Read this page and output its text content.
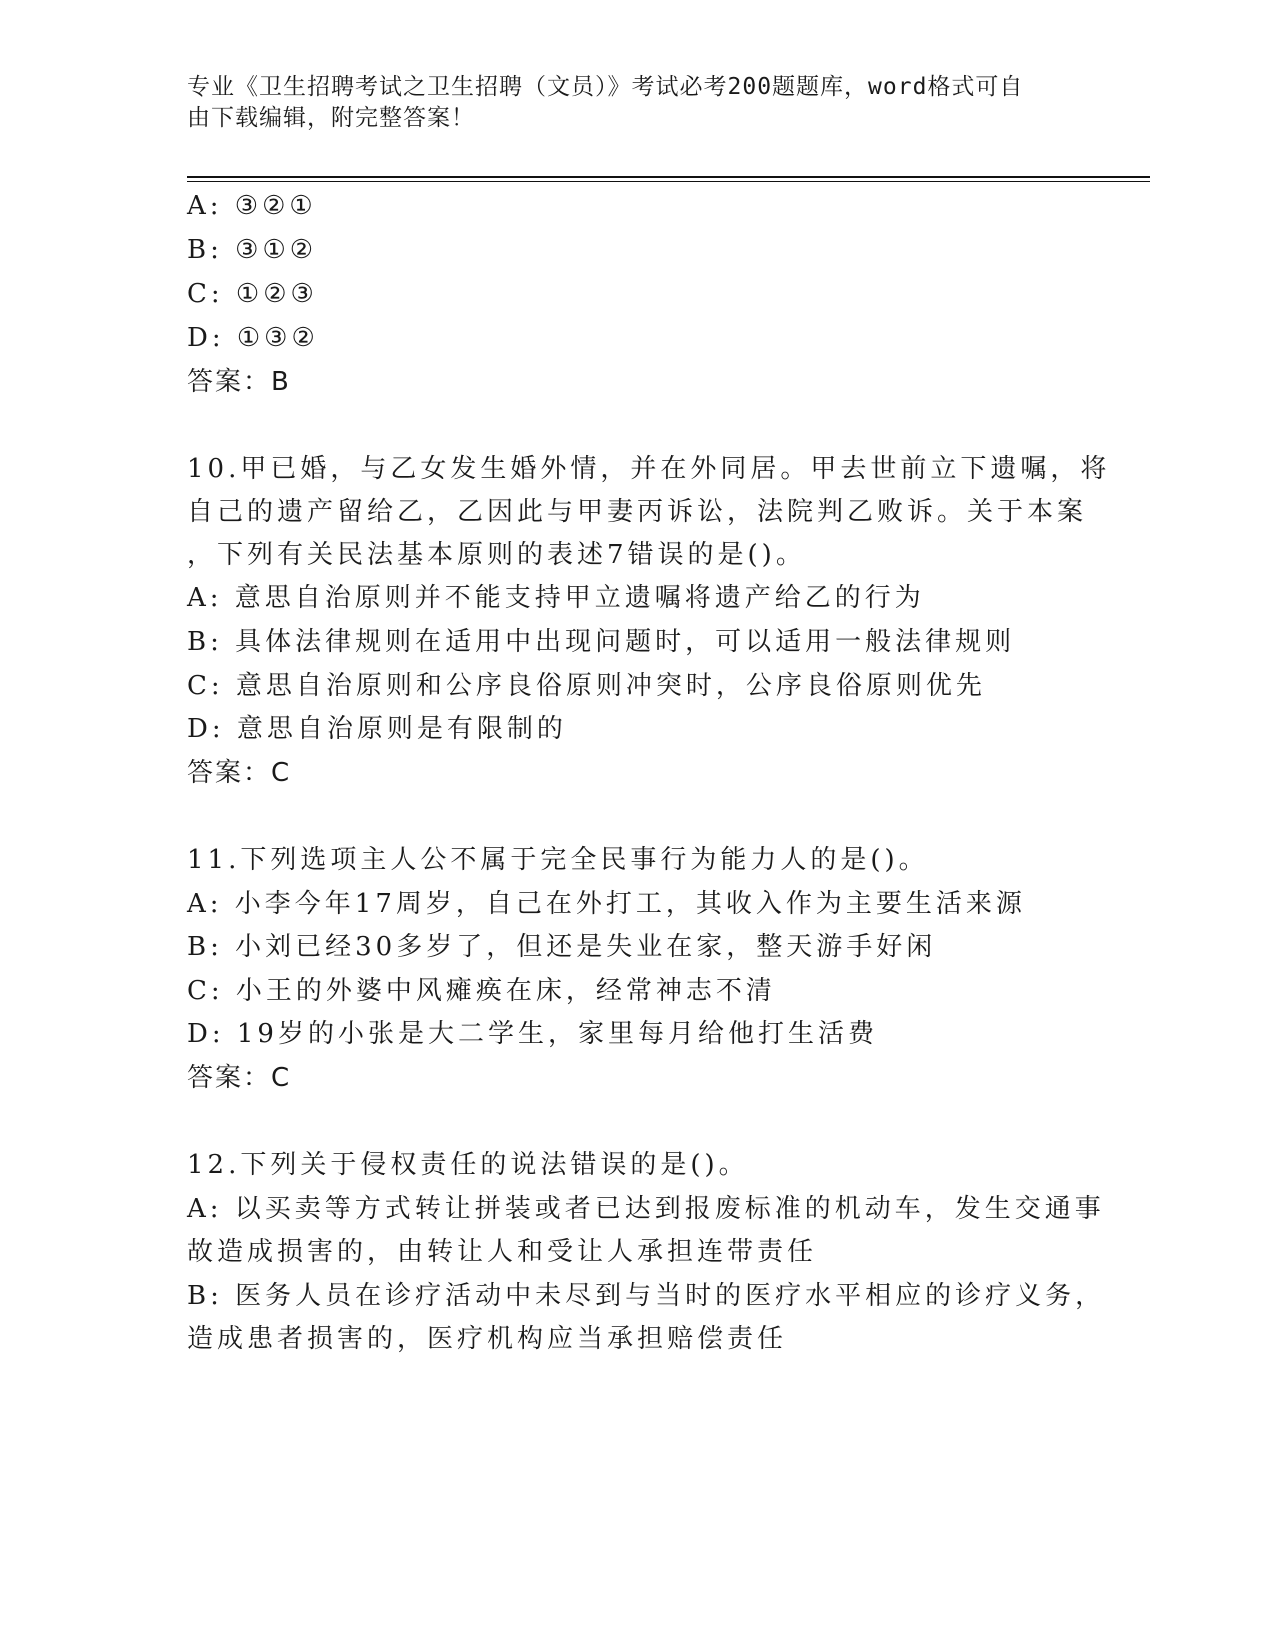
专业《卫生招聘考试之卫生招聘（文员）》考试必考200题题库，word格式可自
由下载编辑，附完整答案！
A: ③②①
B: ③①②
C: ①②③
D: ①③②
答案：B
10.甲已婚，与乙女发生婚外情，并在外同居。甲去世前立下遗嘱，将
自己的遗产留给乙，乙因此与甲妻丙诉讼，法院判乙败诉。关于本案
，下列有关民法基本原则的表述7错误的是()。
A: 意思自治原则并不能支持甲立遗嘱将遗产给乙的行为
B: 具体法律规则在适用中出现问题时，可以适用一般法律规则
C: 意思自治原则和公序良俗原则冲突时，公序良俗原则优先
D: 意思自治原则是有限制的
答案：C
11.下列选项主人公不属于完全民事行为能力人的是()。
A: 小李今年17周岁，自己在外打工，其收入作为主要生活来源
B: 小刘已经30多岁了，但还是失业在家，整天游手好闲
C: 小王的外婆中风瘫痪在床，经常神志不清
D: 19岁的小张是大二学生，家里每月给他打生活费
答案：C
12.下列关于侵权责任的说法错误的是()。
A: 以买卖等方式转让拼装或者已达到报废标准的机动车，发生交通事
故造成损害的，由转让人和受让人承担连带责任
B: 医务人员在诊疗活动中未尽到与当时的医疗水平相应的诊疗义务，
造成患者损害的，医疗机构应当承担赔偿责任
